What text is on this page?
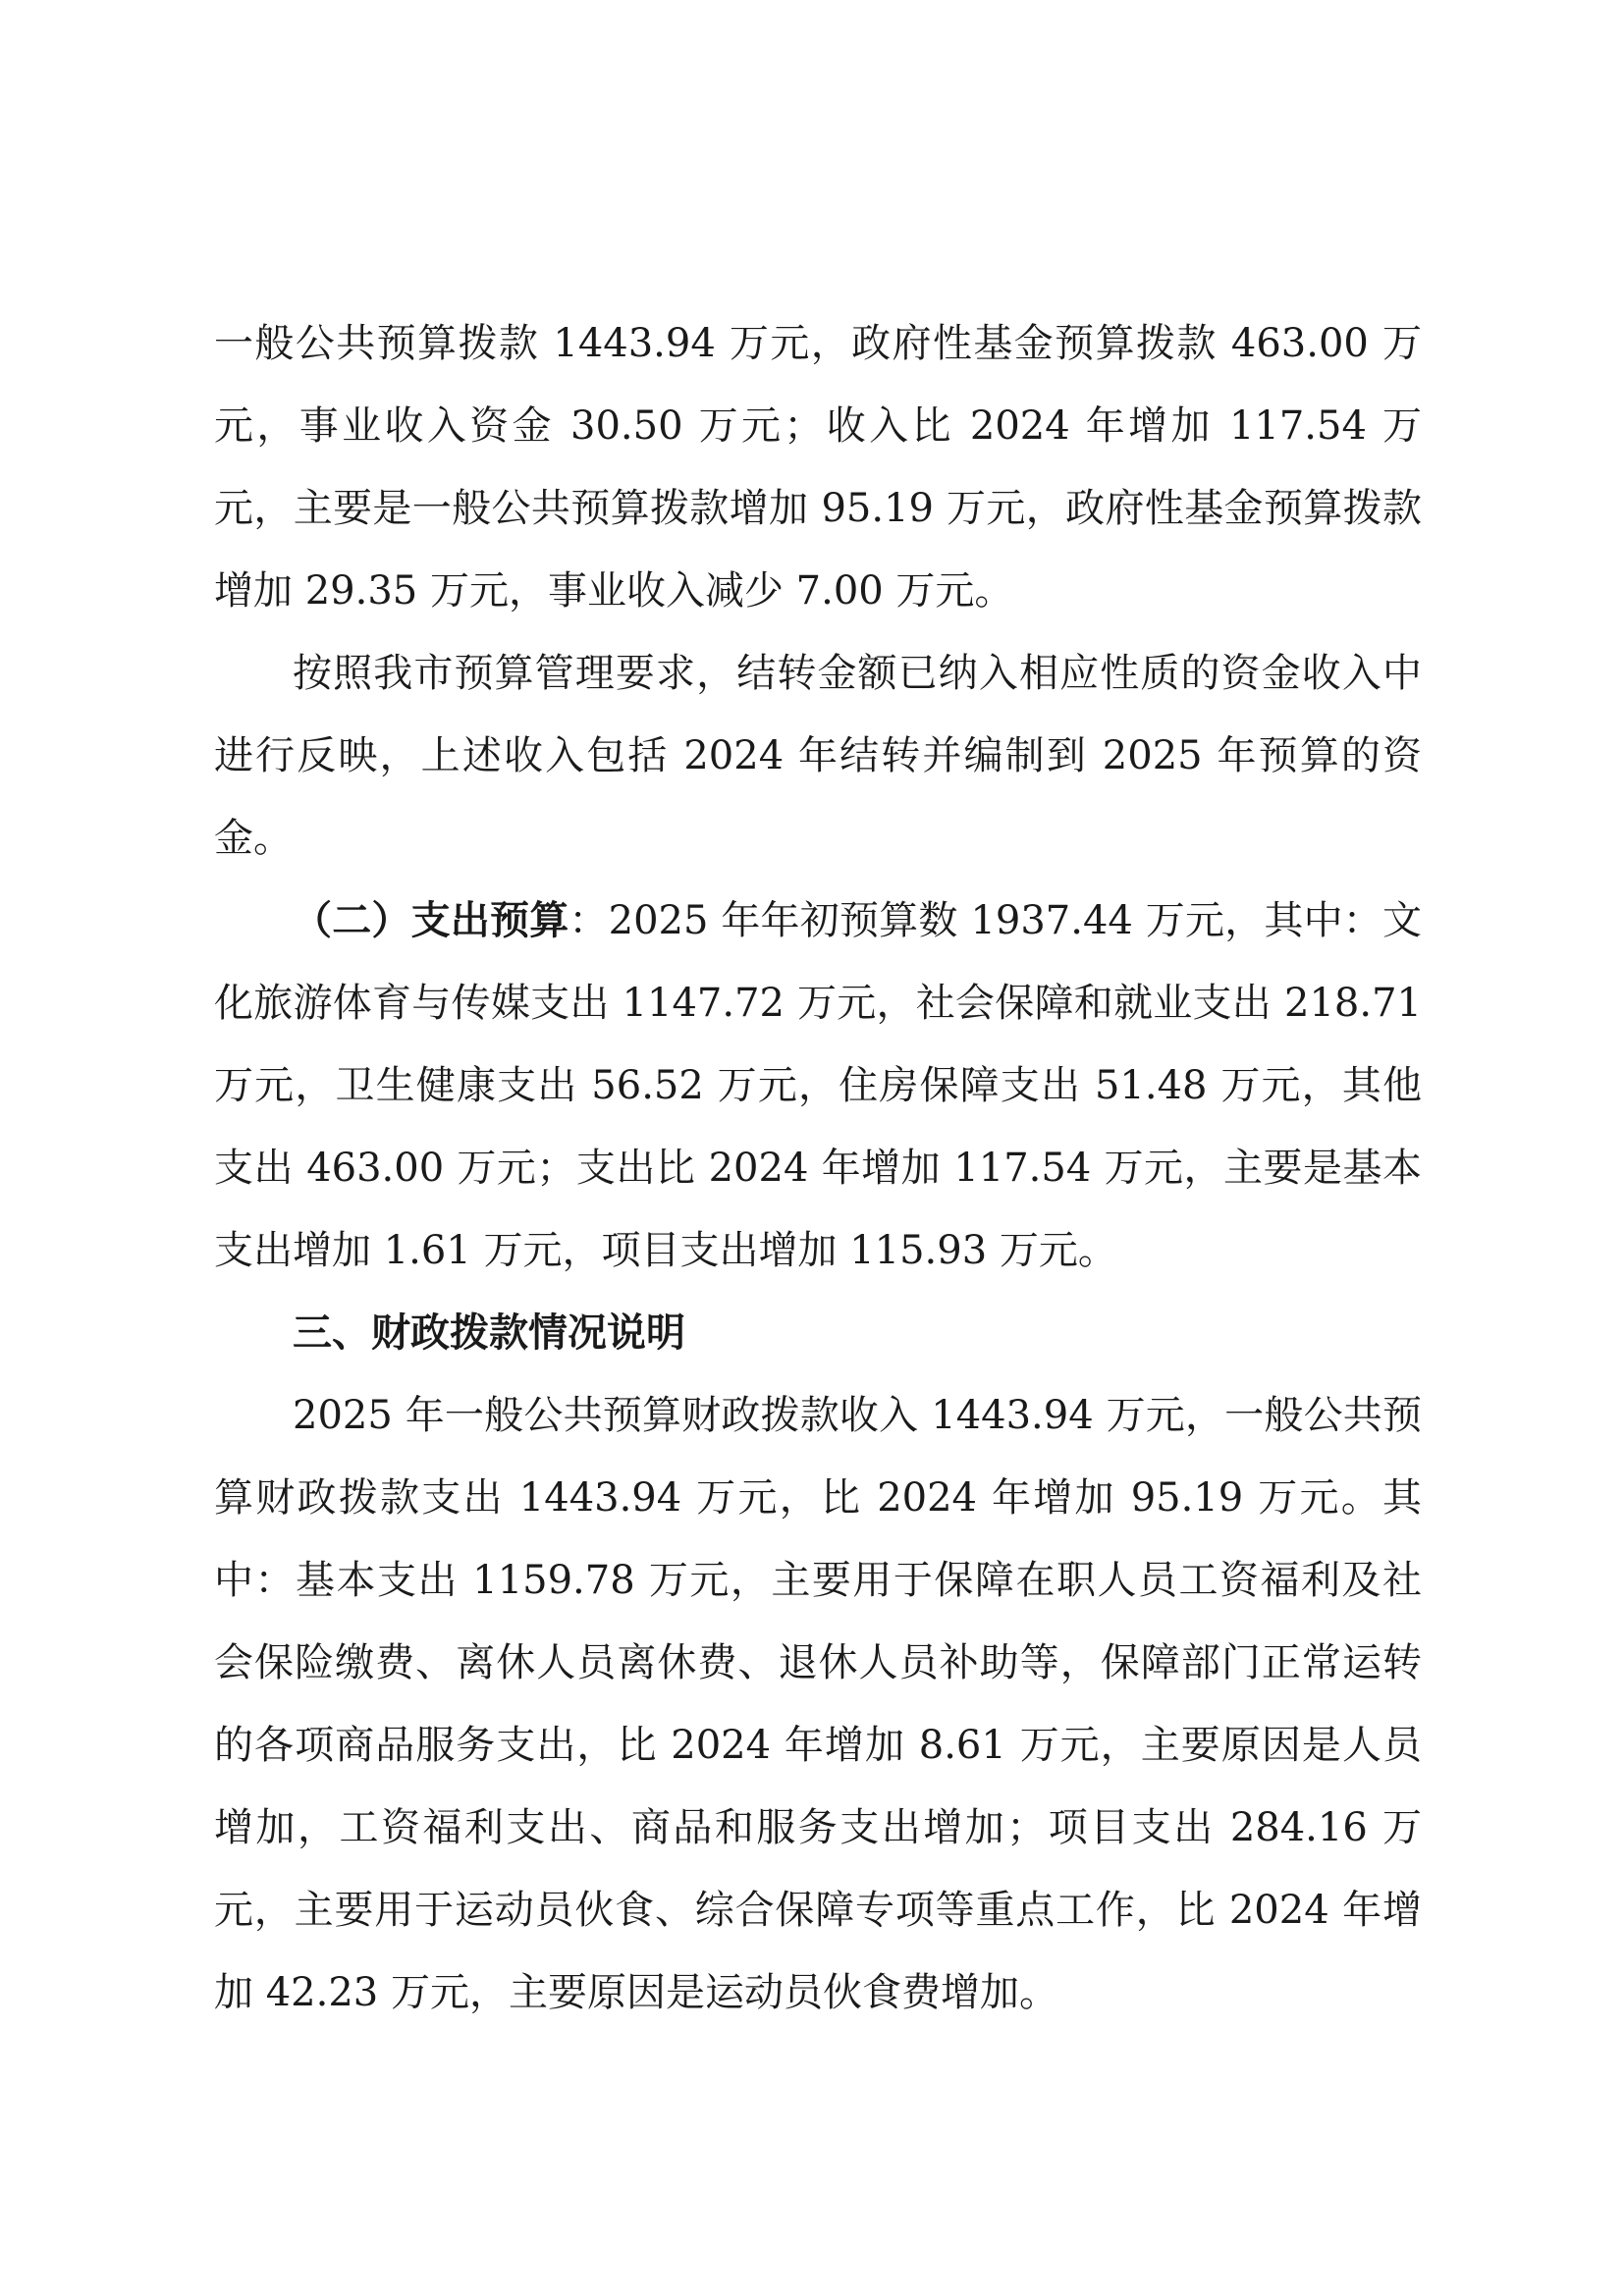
一般公共预算拨款 1443.94 万元，政府性基金预算拨款 463.00 万元，事业收入资金 30.50 万元；收入比 2024 年增加 117.54 万元，主要是一般公共预算拨款增加 95.19 万元，政府性基金预算拨款增加 29.35 万元，事业收入减少 7.00 万元。

按照我市预算管理要求，结转金额已纳入相应性质的资金收入中进行反映，上述收入包括 2024 年结转并编制到 2025 年预算的资金。

（二）支出预算：2025 年年初预算数 1937.44 万元，其中：文化旅游体育与传媒支出 1147.72 万元，社会保障和就业支出 218.71 万元，卫生健康支出 56.52 万元，住房保障支出 51.48 万元，其他支出 463.00 万元；支出比 2024 年增加 117.54 万元，主要是基本支出增加 1.61 万元，项目支出增加 115.93 万元。

三、财政拨款情况说明

2025 年一般公共预算财政拨款收入 1443.94 万元，一般公共预算财政拨款支出 1443.94 万元，比 2024 年增加 95.19 万元。其中：基本支出 1159.78 万元，主要用于保障在职人员工资福利及社会保险缴费、离休人员离休费、退休人员补助等，保障部门正常运转的各项商品服务支出，比 2024 年增加 8.61 万元，主要原因是人员增加，工资福利支出、商品和服务支出增加；项目支出 284.16 万元，主要用于运动员伙食、综合保障专项等重点工作，比 2024 年增加 42.23 万元，主要原因是运动员伙食费增加。
